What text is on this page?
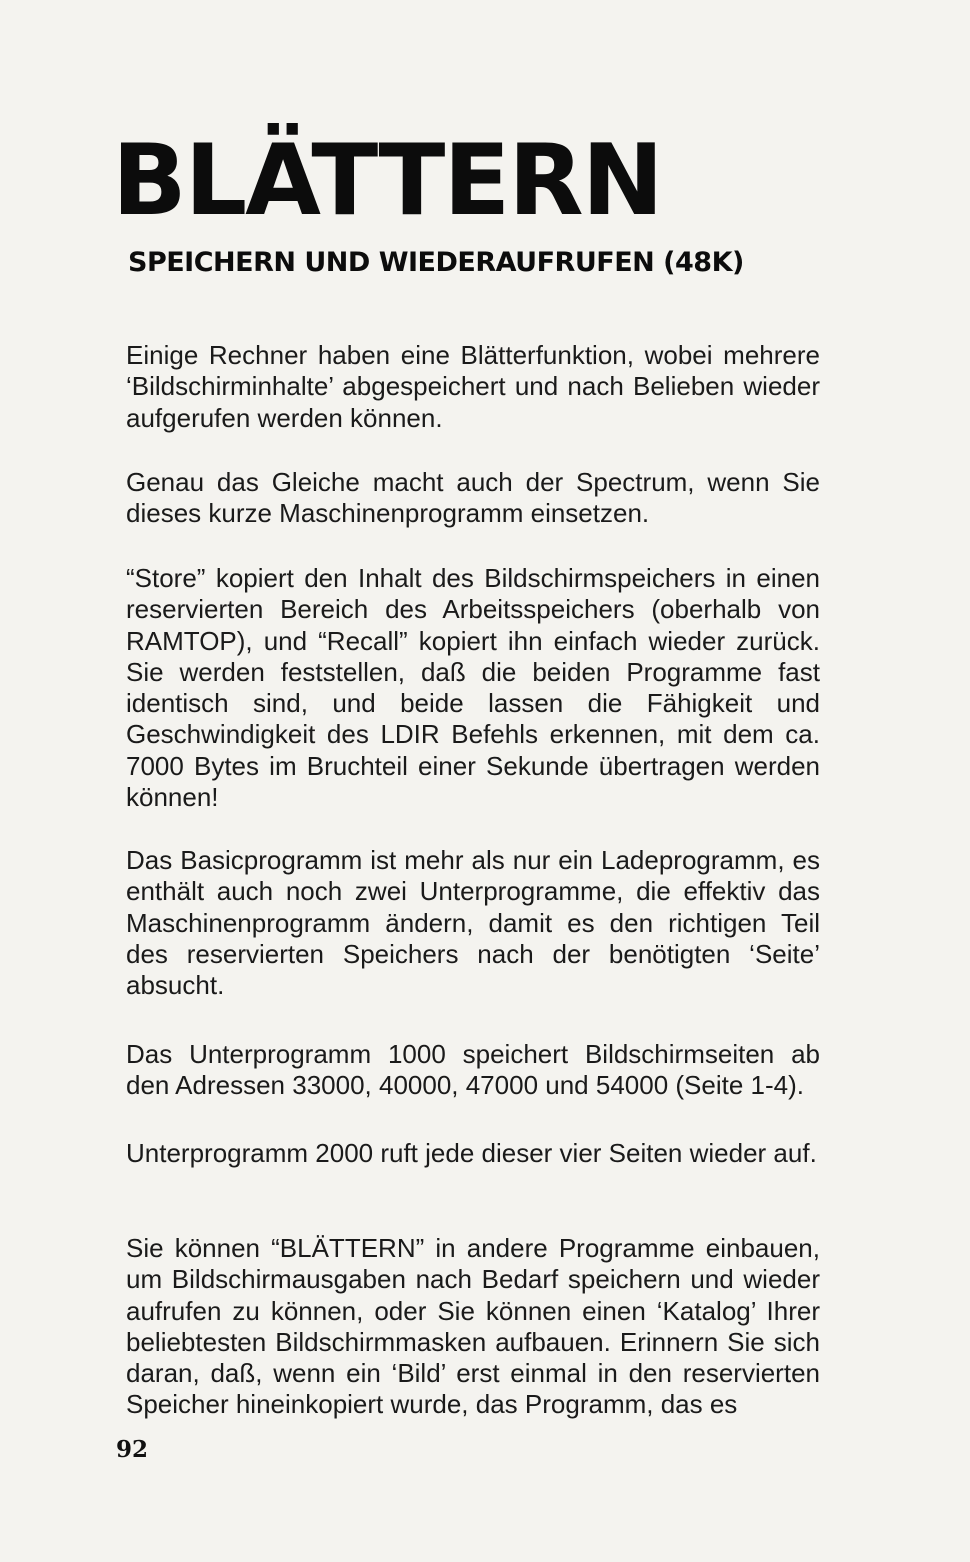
BLÄTTERN
SPEICHERN UND WIEDERAUFRUFEN (48K)

Einige Rechner haben eine Blätterfunktion, wobei mehrere ‘Bildschirminhalte’ abgespeichert und nach Belieben wieder aufgerufen werden können.

Genau das Gleiche macht auch der Spectrum, wenn Sie dieses kurze Maschinenprogramm einsetzen.

“Store” kopiert den Inhalt des Bildschirmspeichers in einen reservierten Bereich des Arbeitsspeichers (oberhalb von RAMTOP), und “Recall” kopiert ihn einfach wieder zurück. Sie werden feststellen, daß die beiden Programme fast identisch sind, und beide lassen die Fähigkeit und Geschwindigkeit des LDIR Befehls erkennen, mit dem ca. 7000 Bytes im Bruchteil einer Sekunde übertragen werden können!

Das Basicprogramm ist mehr als nur ein Ladeprogramm, es enthält auch noch zwei Unterprogramme, die effektiv das Maschinenprogramm ändern, damit es den richtigen Teil des reservierten Speichers nach der benötigten ‘Seite’ absucht.

Das Unterprogramm 1000 speichert Bildschirmseiten ab den Adressen 33000, 40000, 47000 und 54000 (Seite 1-4).

Unterprogramm 2000 ruft jede dieser vier Seiten wieder auf.

Sie können “BLÄTTERN” in andere Programme einbauen, um Bildschirmausgaben nach Bedarf speichern und wieder aufrufen zu können, oder Sie können einen ‘Katalog’ Ihrer beliebtesten Bildschirmmasken aufbauen. Erinnern Sie sich daran, daß, wenn ein ‘Bild’ erst einmal in den reservierten Speicher hineinkopiert wurde, das Programm, das es

92
